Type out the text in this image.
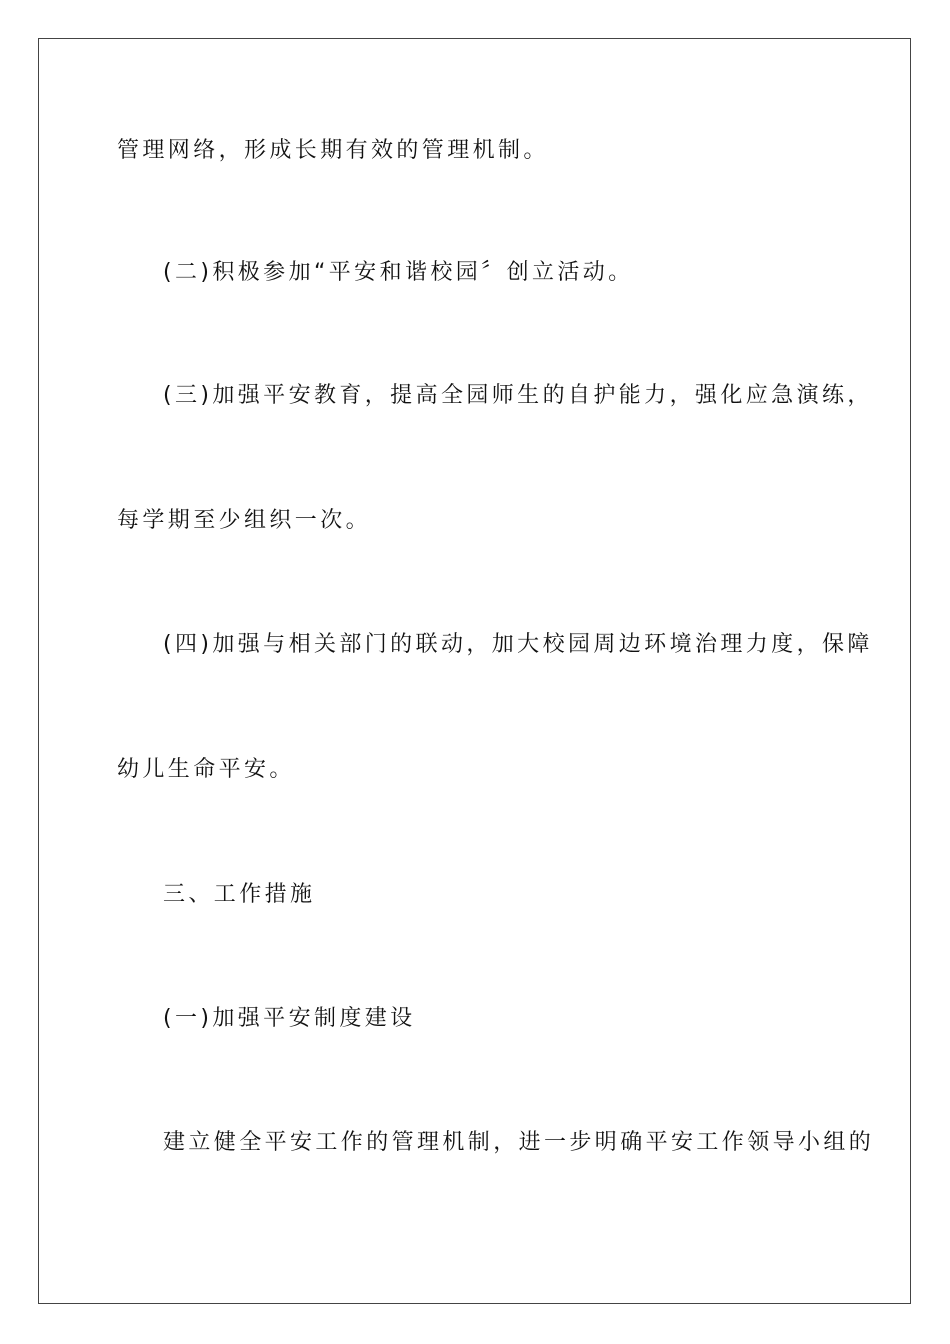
管理网络，形成长期有效的管理机制。
(二)积极参加“平安和谐校园〞创立活动。
(三)加强平安教育，提高全园师生的自护能力，强化应急演练，
每学期至少组织一次。
(四)加强与相关部门的联动，加大校园周边环境治理力度，保障
幼儿生命平安。
三、工作措施
(一)加强平安制度建设
建立健全平安工作的管理机制，进一步明确平安工作领导小组的
